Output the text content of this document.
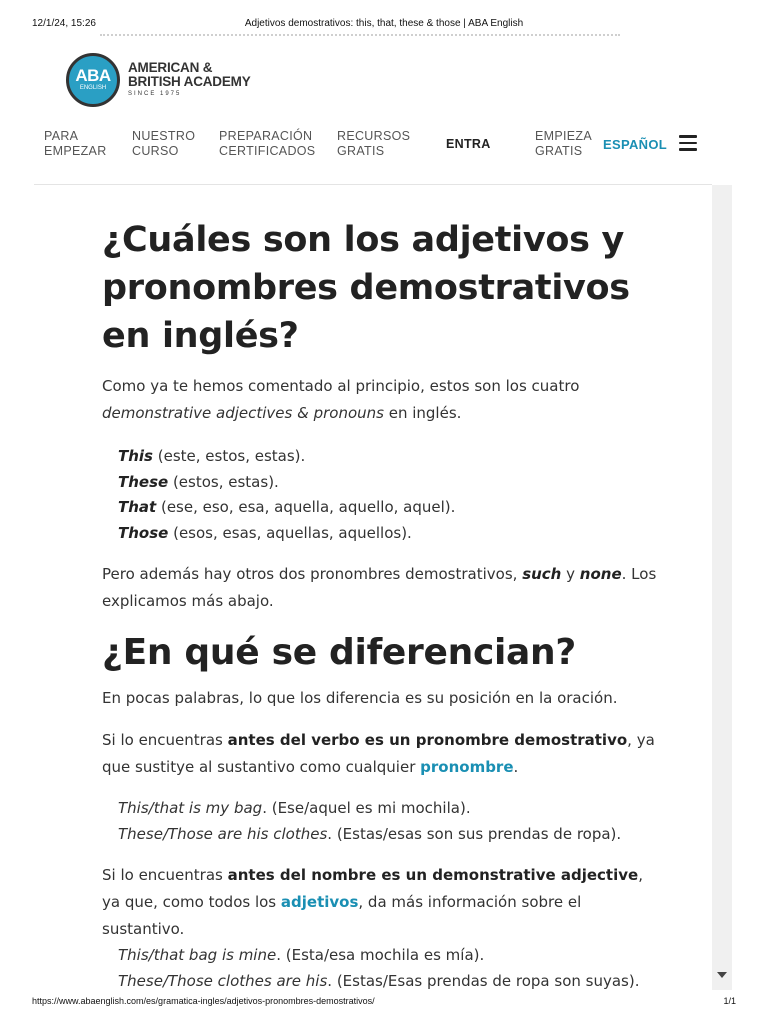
12/1/24, 15:26	Adjetivos demostrativos: this, that, these & those | ABA English
ABA
ENGLISH
AMERICAN &
BRITISH ACADEMY
SINCE 1975
PARA
EMPEZAR
NUESTRO
CURSO
PREPARACIÓN
CERTIFICADOS
RECURSOS
GRATIS	ENTRA
EMPIEZA
GRATIS	ESPAÑOL
¿Cuáles son los adjetivos y pronombres demostrativos en inglés?

Como ya te hemos comentado al principio, estos son los cuatro demonstrative adjectives & pronouns en inglés.

This (este, estos, estas).
These (estos, estas).
That (ese, eso, esa, aquella, aquello, aquel).
Those (esos, esas, aquellas, aquellos).

Pero además hay otros dos pronombres demostrativos, such y none. Los explicamos más abajo.

¿En qué se diferencian?

En pocas palabras, lo que los diferencia es su posición en la oración.

Si lo encuentras antes del verbo es un pronombre demostrativo, ya que sustitye al sustantivo como cualquier pronombre.

This/that is my bag. (Ese/aquel es mi mochila).
These/Those are his clothes. (Estas/esas son sus prendas de ropa).

Si lo encuentras antes del nombre es un demonstrative adjective, ya que, como todos los adjetivos, da más información sobre el sustantivo.

This/that bag is mine. (Esta/esa mochila es mía).
These/Those clothes are his. (Estas/Esas prendas de ropa son suyas).
https://www.abaenglish.com/es/gramatica-ingles/adjetivos-pronombres-demostrativos/	1/1
